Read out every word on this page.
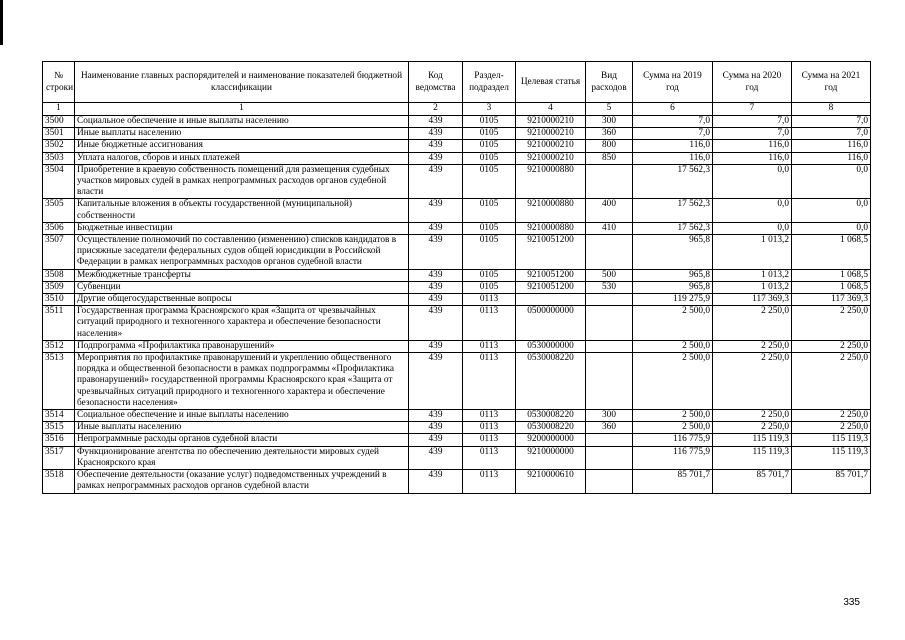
№ строки	Наименование главных распорядителей и наименование показателей бюджетной классификации	Код ведомства	Раздел-подраздел	Целевая статья	Вид расходов	Сумма на 2019 год	Сумма на 2020 год	Сумма на 2021 год
1	1	2	3	4	5	6	7	8
3500	Социальное обеспечение и иные выплаты населению	439	0105	9210000210	300	7,0	7,0	7,0
3501	Иные выплаты населению	439	0105	9210000210	360	7,0	7,0	7,0
3502	Иные бюджетные ассигнования	439	0105	9210000210	800	116,0	116,0	116,0
3503	Уплата налогов, сборов и иных платежей	439	0105	9210000210	850	116,0	116,0	116,0
3504	Приобретение в краевую собственность помещений для размещения судебных участков мировых судей в рамках непрограммных расходов органов судебной власти	439	0105	9210000880		17 562,3	0,0	0,0
3505	Капитальные вложения в объекты государственной (муниципальной) собственности	439	0105	9210000880	400	17 562,3	0,0	0,0
3506	Бюджетные инвестиции	439	0105	9210000880	410	17 562,3	0,0	0,0
3507	Осуществление полномочий по составлению (изменению) списков кандидатов в присяжные заседатели федеральных судов общей юрисдикции в Российской Федерации в рамках непрограммных расходов органов судебной власти	439	0105	9210051200		965,8	1 013,2	1 068,5
3508	Межбюджетные трансферты	439	0105	9210051200	500	965,8	1 013,2	1 068,5
3509	Субвенции	439	0105	9210051200	530	965,8	1 013,2	1 068,5
3510	Другие общегосударственные вопросы	439	0113			119 275,9	117 369,3	117 369,3
3511	Государственная программа Красноярского края «Защита от чрезвычайных ситуаций природного и техногенного характера и обеспечение безопасности населения»	439	0113	0500000000		2 500,0	2 250,0	2 250,0
3512	Подпрограмма «Профилактика правонарушений»	439	0113	0530000000		2 500,0	2 250,0	2 250,0
3513	Мероприятия по профилактике правонарушений и укреплению общественного порядка и общественной безопасности в рамках подпрограммы «Профилактика правонарушений» государственной программы Красноярского края «Защита от чрезвычайных ситуаций природного и техногенного характера и обеспечение безопасности населения»	439	0113	0530008220		2 500,0	2 250,0	2 250,0
3514	Социальное обеспечение и иные выплаты населению	439	0113	0530008220	300	2 500,0	2 250,0	2 250,0
3515	Иные выплаты населению	439	0113	0530008220	360	2 500,0	2 250,0	2 250,0
3516	Непрограммные расходы органов судебной власти	439	0113	9200000000		116 775,9	115 119,3	115 119,3
3517	Функционирование агентства по обеспечению деятельности мировых судей Красноярского края	439	0113	9210000000		116 775,9	115 119,3	115 119,3
3518	Обеспечение деятельности (оказание услуг) подведомственных учреждений в рамках непрограммных расходов органов судебной власти	439	0113	9210000610		85 701,7	85 701,7	85 701,7
335
